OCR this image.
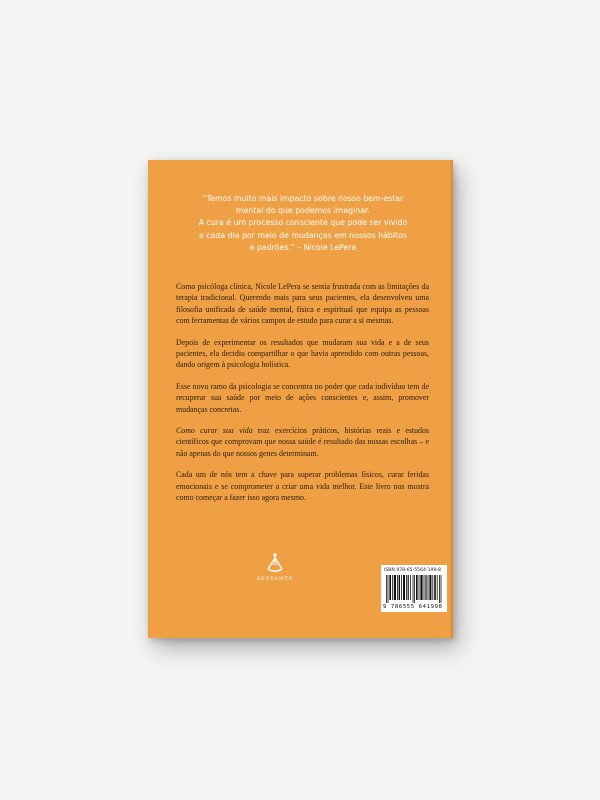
“Temos muito mais impacto sobre nosso bem-estar
mental do que podemos imaginar.
A cura é um processo consciente que pode ser vivido
a cada dia por meio de mudanças em nossos hábitos
e padrões.” – Nicole LePera

Como psicóloga clínica, Nicole LePera se sentia frustrada com as limitações da terapia tradicional. Querendo mais para seus pacientes, ela desenvolveu uma filosofia unificada de saúde mental, física e espiritual que equipa as pessoas com ferramentas de vários campos de estudo para curar a si mesmas.

Depois de experimentar os resultados que mudaram sua vida e a de seus pacientes, ela decidiu compartilhar o que havia aprendido com outras pessoas, dando origem à psicologia holística.

Esse novo ramo da psicologia se concentra no poder que cada indivíduo tem de recuperar sua saúde por meio de ações conscientes e, assim, promover mudanças concretas.

Como curar sua vida traz exercícios práticos, histórias reais e estudos científicos que comprovam que nossa saúde é resultado das nossas escolhas – e não apenas do que nossos genes determinam.

Cada um de nós tem a chave para superar problemas físicos, curar feridas emocionais e se comprometer a criar uma vida melhor. Este livro nos mostra como começar a fazer isso agora mesmo.

SEXTANTE
ISBN 978-65-5564-199-8
9 786555 641998
